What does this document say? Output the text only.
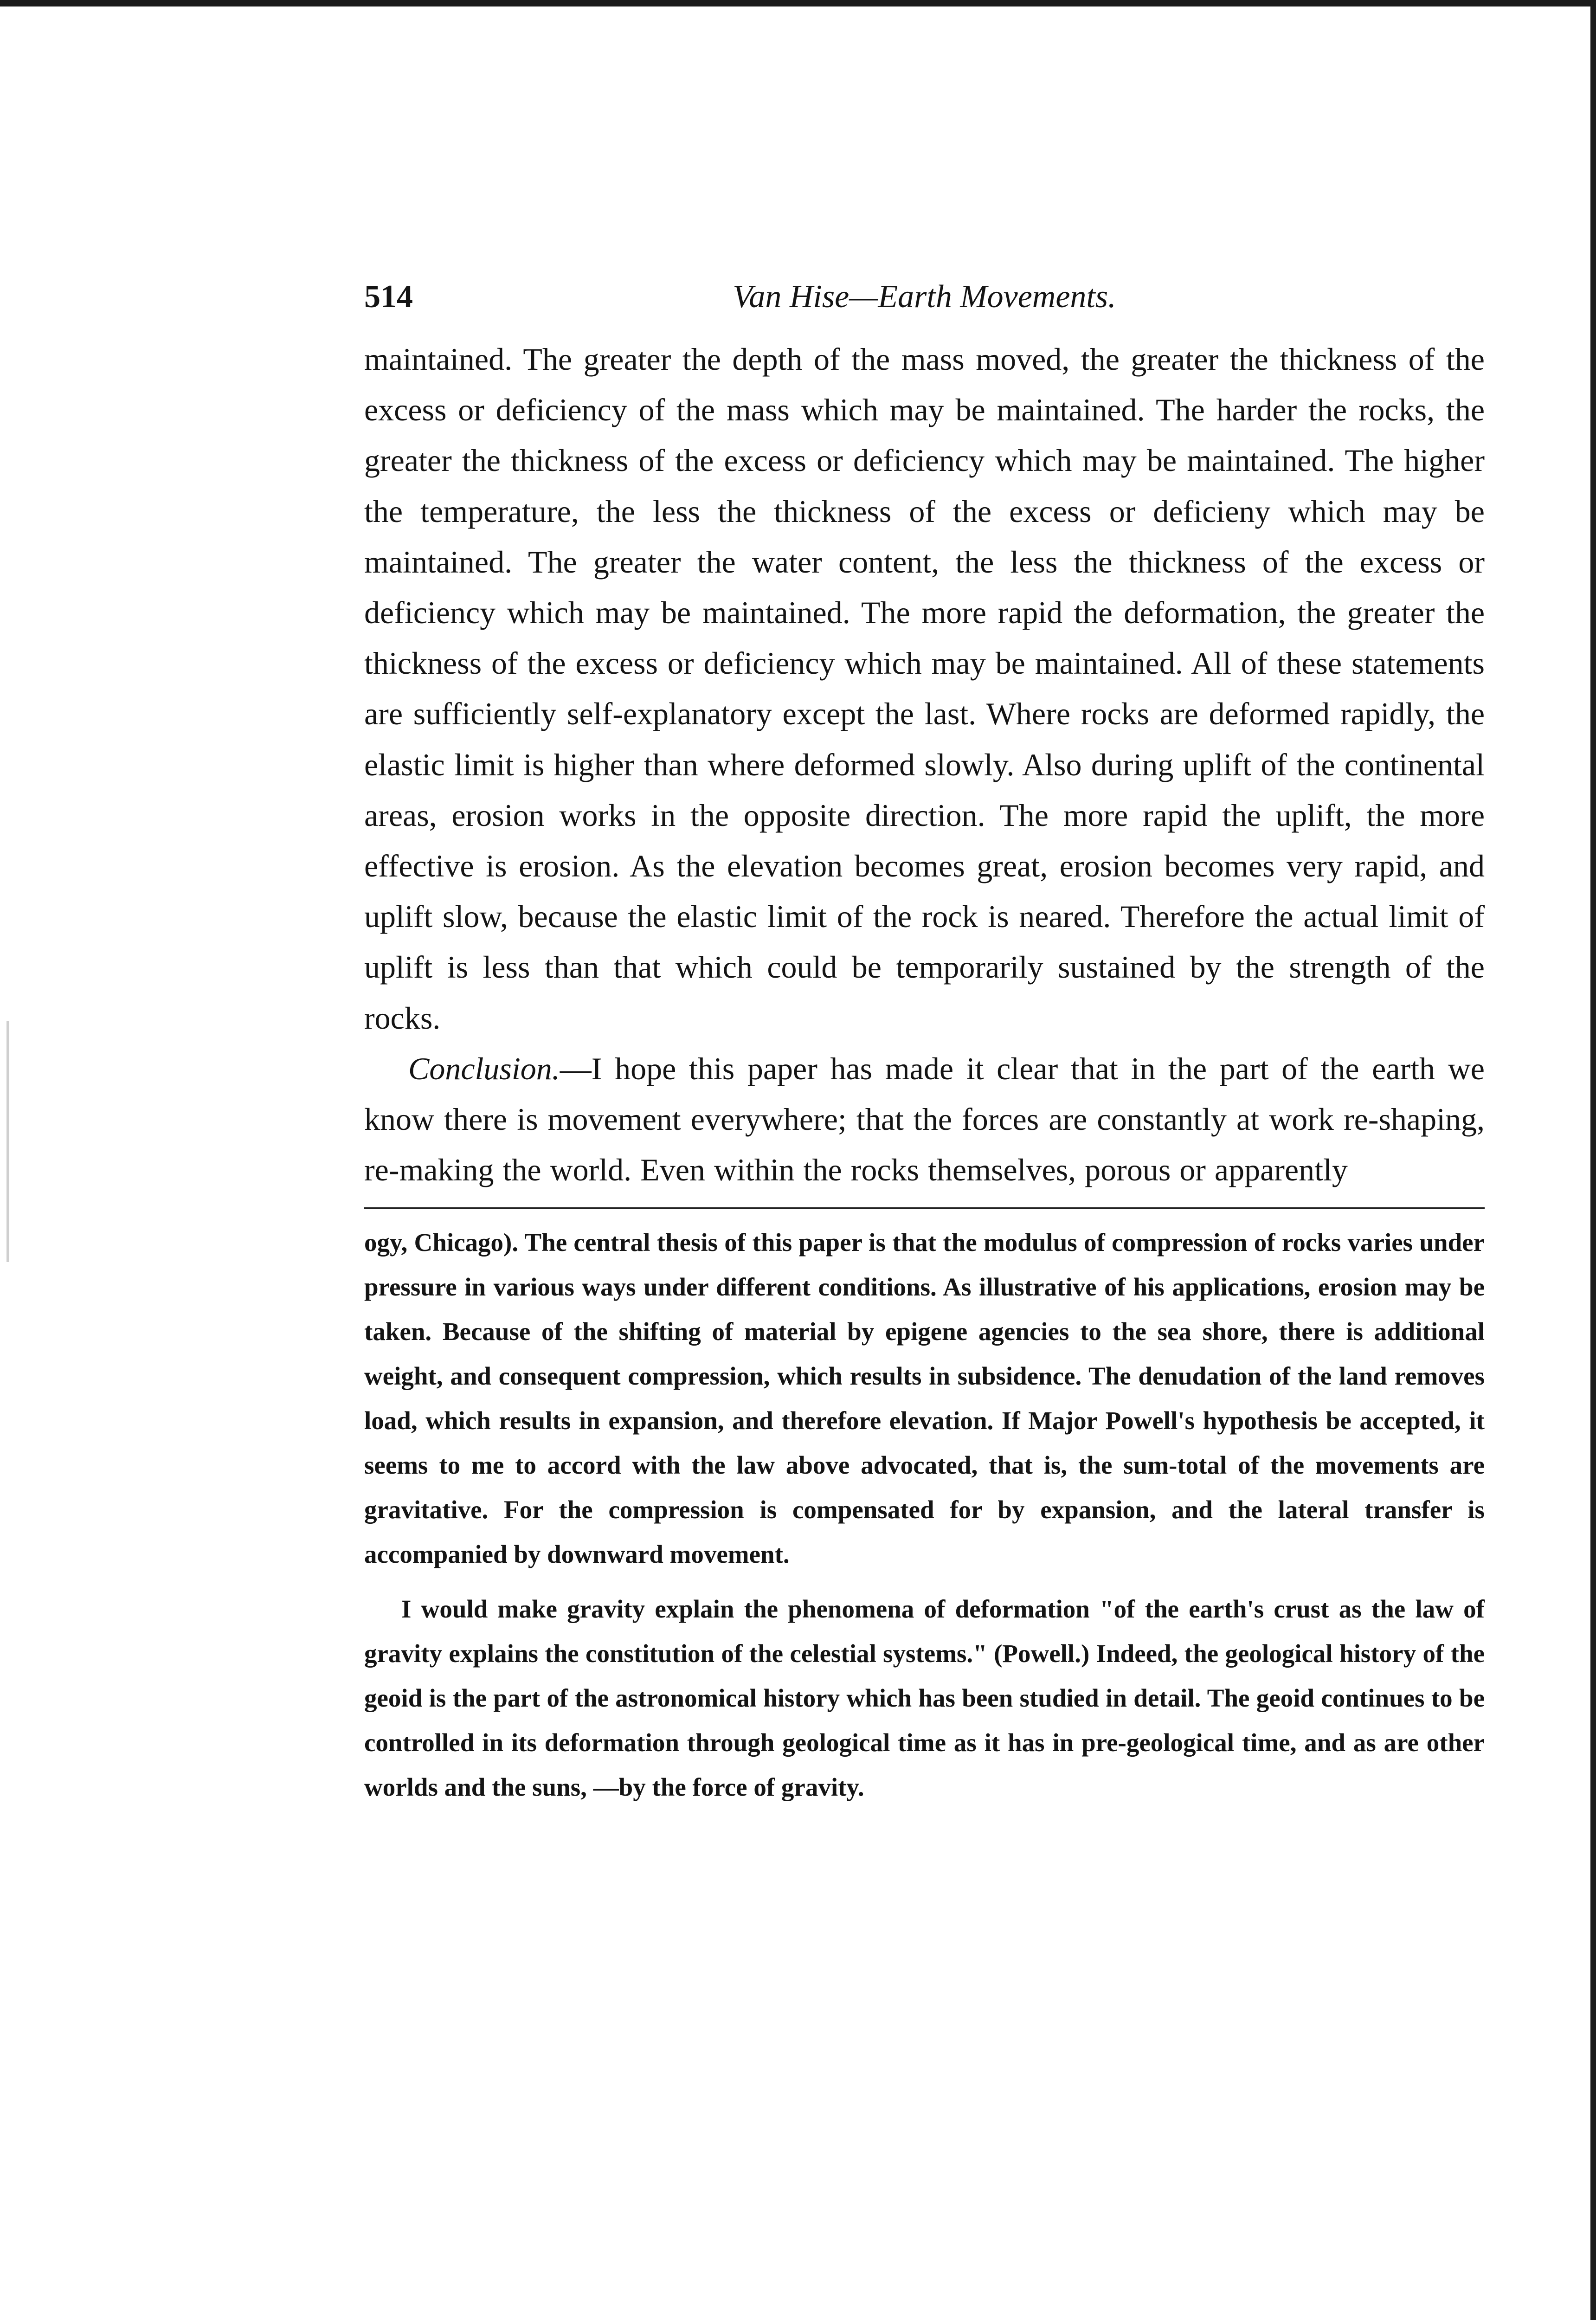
514	Van Hise—Earth Movements.

maintained. The greater the depth of the mass moved, the greater the thickness of the excess or deficiency of the mass which may be maintained. The harder the rocks, the greater the thickness of the excess or deficiency which may be maintained. The higher the temperature, the less the thickness of the excess or deficieny which may be maintained. The greater the water content, the less the thickness of the excess or deficiency which may be maintained. The more rapid the deformation, the greater the thickness of the excess or deficiency which may be maintained. All of these statements are sufficiently self-explanatory except the last. Where rocks are deformed rapidly, the elastic limit is higher than where deformed slowly. Also during uplift of the continental areas, erosion works in the opposite direction. The more rapid the uplift, the more effective is erosion. As the elevation becomes great, erosion becomes very rapid, and uplift slow, because the elastic limit of the rock is neared. Therefore the actual limit of uplift is less than that which could be temporarily sustained by the strength of the rocks.

Conclusion.—I hope this paper has made it clear that in the part of the earth we know there is movement everywhere; that the forces are constantly at work re-shaping, re-making the world. Even within the rocks themselves, porous or apparently

ogy, Chicago). The central thesis of this paper is that the modulus of compression of rocks varies under pressure in various ways under different conditions. As illustrative of his applications, erosion may be taken. Because of the shifting of material by epigene agencies to the sea shore, there is additional weight, and consequent compression, which results in subsidence. The denudation of the land removes load, which results in expansion, and therefore elevation. If Major Powell's hypothesis be accepted, it seems to me to accord with the law above advocated, that is, the sum-total of the movements are gravitative. For the compression is compensated for by expansion, and the lateral transfer is accompanied by downward movement.

I would make gravity explain the phenomena of deformation "of the earth's crust as the law of gravity explains the constitution of the celestial systems." (Powell.) Indeed, the geological history of the geoid is the part of the astronomical history which has been studied in detail. The geoid continues to be controlled in its deformation through geological time as it has in pre-geological time, and as are other worlds and the suns, —by the force of gravity.
